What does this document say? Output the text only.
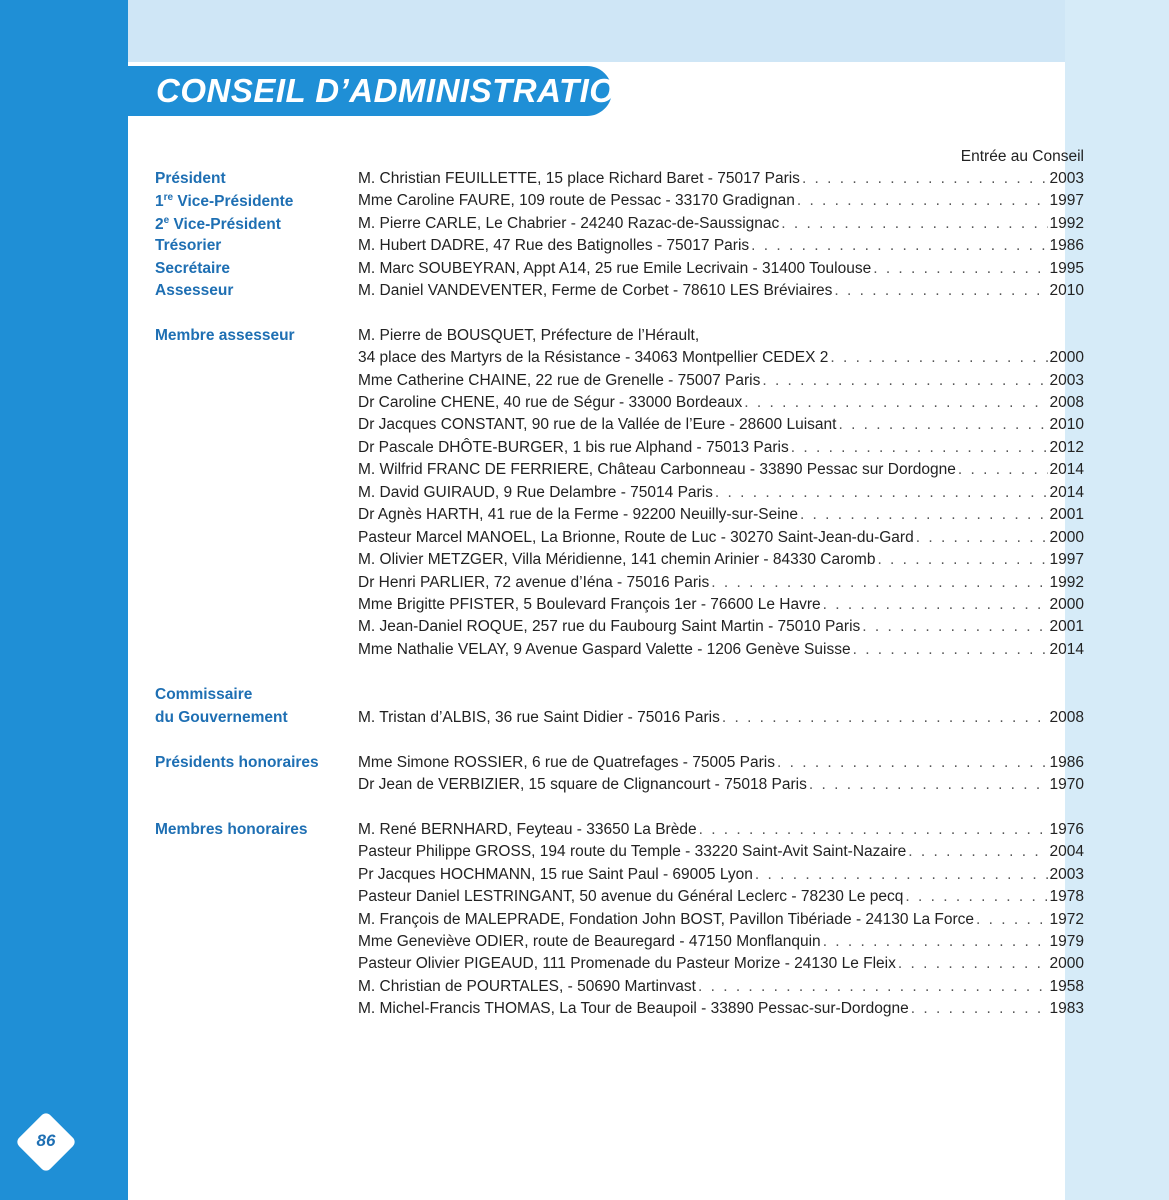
CONSEIL D’ADMINISTRATION
Entrée au Conseil
Président	M. Christian FEUILLETTE, 15 place Richard Baret - 75017 Paris . . .	2003
1re Vice-Présidente	Mme Caroline FAURE, 109 route de Pessac - 33170 Gradignan . . .	1997
2e Vice-Président	M. Pierre CARLE, Le Chabrier - 24240 Razac-de-Saussignac . . .	1992
Trésorier	M. Hubert DADRE, 47 Rue des Batignolles - 75017 Paris . . .	1986
Secrétaire	M. Marc SOUBEYRAN, Appt A14, 25 rue Emile Lecrivain - 31400 Toulouse . . .	1995
Assesseur	M. Daniel VANDEVENTER, Ferme de Corbet - 78610 LES Bréviaires . . .	2010
Membre assesseur	M. Pierre de BOUSQUET, Préfecture de l’Hérault,
34 place des Martyrs de la Résistance - 34063 Montpellier CEDEX 2 . . .	2000
Mme Catherine CHAINE, 22 rue de Grenelle - 75007 Paris . . .	2003
Dr Caroline CHENE, 40 rue de Ségur - 33000 Bordeaux . . .	2008
Dr Jacques CONSTANT, 90 rue de la Vallée de l’Eure - 28600 Luisant . . .	2010
Dr Pascale DHÔTE-BURGER, 1 bis rue Alphand - 75013 Paris . . .	2012
M. Wilfrid FRANC DE FERRIERE, Château Carbonneau - 33890 Pessac sur Dordogne . . .	2014
M. David GUIRAUD, 9 Rue Delambre - 75014 Paris . . .	2014
Dr Agnès HARTH, 41 rue de la Ferme - 92200 Neuilly-sur-Seine . . .	2001
Pasteur Marcel MANOEL, La Brionne, Route de Luc - 30270 Saint-Jean-du-Gard . . .	2000
M. Olivier METZGER, Villa Méridienne, 141 chemin Arinier - 84330 Caromb . . .	1997
Dr Henri PARLIER, 72 avenue d’Iéna - 75016 Paris . . .	1992
Mme Brigitte PFISTER, 5 Boulevard François 1er - 76600 Le Havre . . .	2000
M. Jean-Daniel ROQUE, 257 rue du Faubourg Saint Martin - 75010 Paris . . .	2001
Mme Nathalie VELAY, 9 Avenue Gaspard Valette - 1206 Genève Suisse . . .	2014
Commissaire
du Gouvernement	M. Tristan d’ALBIS, 36 rue Saint Didier - 75016 Paris . . .	2008
Présidents honoraires	Mme Simone ROSSIER, 6 rue de Quatrefages - 75005 Paris . . .	1986
Dr Jean de VERBIZIER, 15 square de Clignancourt - 75018 Paris . . .	1970
Membres honoraires	M. René BERNHARD, Feyteau - 33650 La Brède . . .	1976
Pasteur Philippe GROSS, 194 route du Temple - 33220 Saint-Avit Saint-Nazaire . . .	2004
Pr Jacques HOCHMANN, 15 rue Saint Paul - 69005 Lyon . . .	2003
Pasteur Daniel LESTRINGANT, 50 avenue du Général Leclerc - 78230 Le pecq . . .	1978
M. François de MALEPRADE, Fondation John BOST, Pavillon Tibériade - 24130 La Force . . .	1972
Mme Geneviève ODIER, route de Beauregard - 47150 Monflanquin . . .	1979
Pasteur Olivier PIGEAUD, 111 Promenade du Pasteur Morize - 24130 Le Fleix . . .	2000
M. Christian de POURTALES, - 50690 Martinvast . . .	1958
M. Michel-Francis THOMAS, La Tour de Beaupoil - 33890 Pessac-sur-Dordogne . . .	1983
86
